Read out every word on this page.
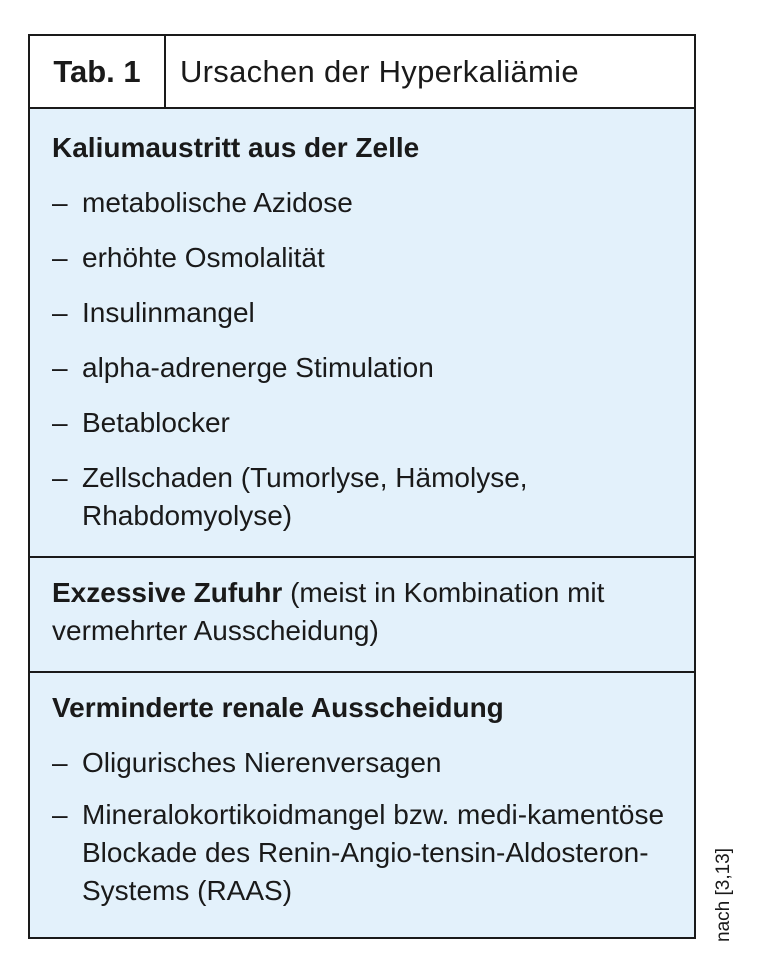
Tab. 1	Ursachen der Hyperkaliämie
Kaliumaustritt aus der Zelle
– metabolische Azidose
– erhöhte Osmolalität
– Insulinmangel
– alpha-adrenerge Stimulation
– Betablocker
– Zellschaden (Tumorlyse, Hämolyse, Rhabdomyolyse)
Exzessive Zufuhr (meist in Kombination mit vermehrter Ausscheidung)
Verminderte renale Ausscheidung
– Oligurisches Nierenversagen
– Mineralokortikoidmangel bzw. medi-kamentöse Blockade des Renin-Angio-tensin-Aldosteron-Systems (RAAS)	nach [3,13]
